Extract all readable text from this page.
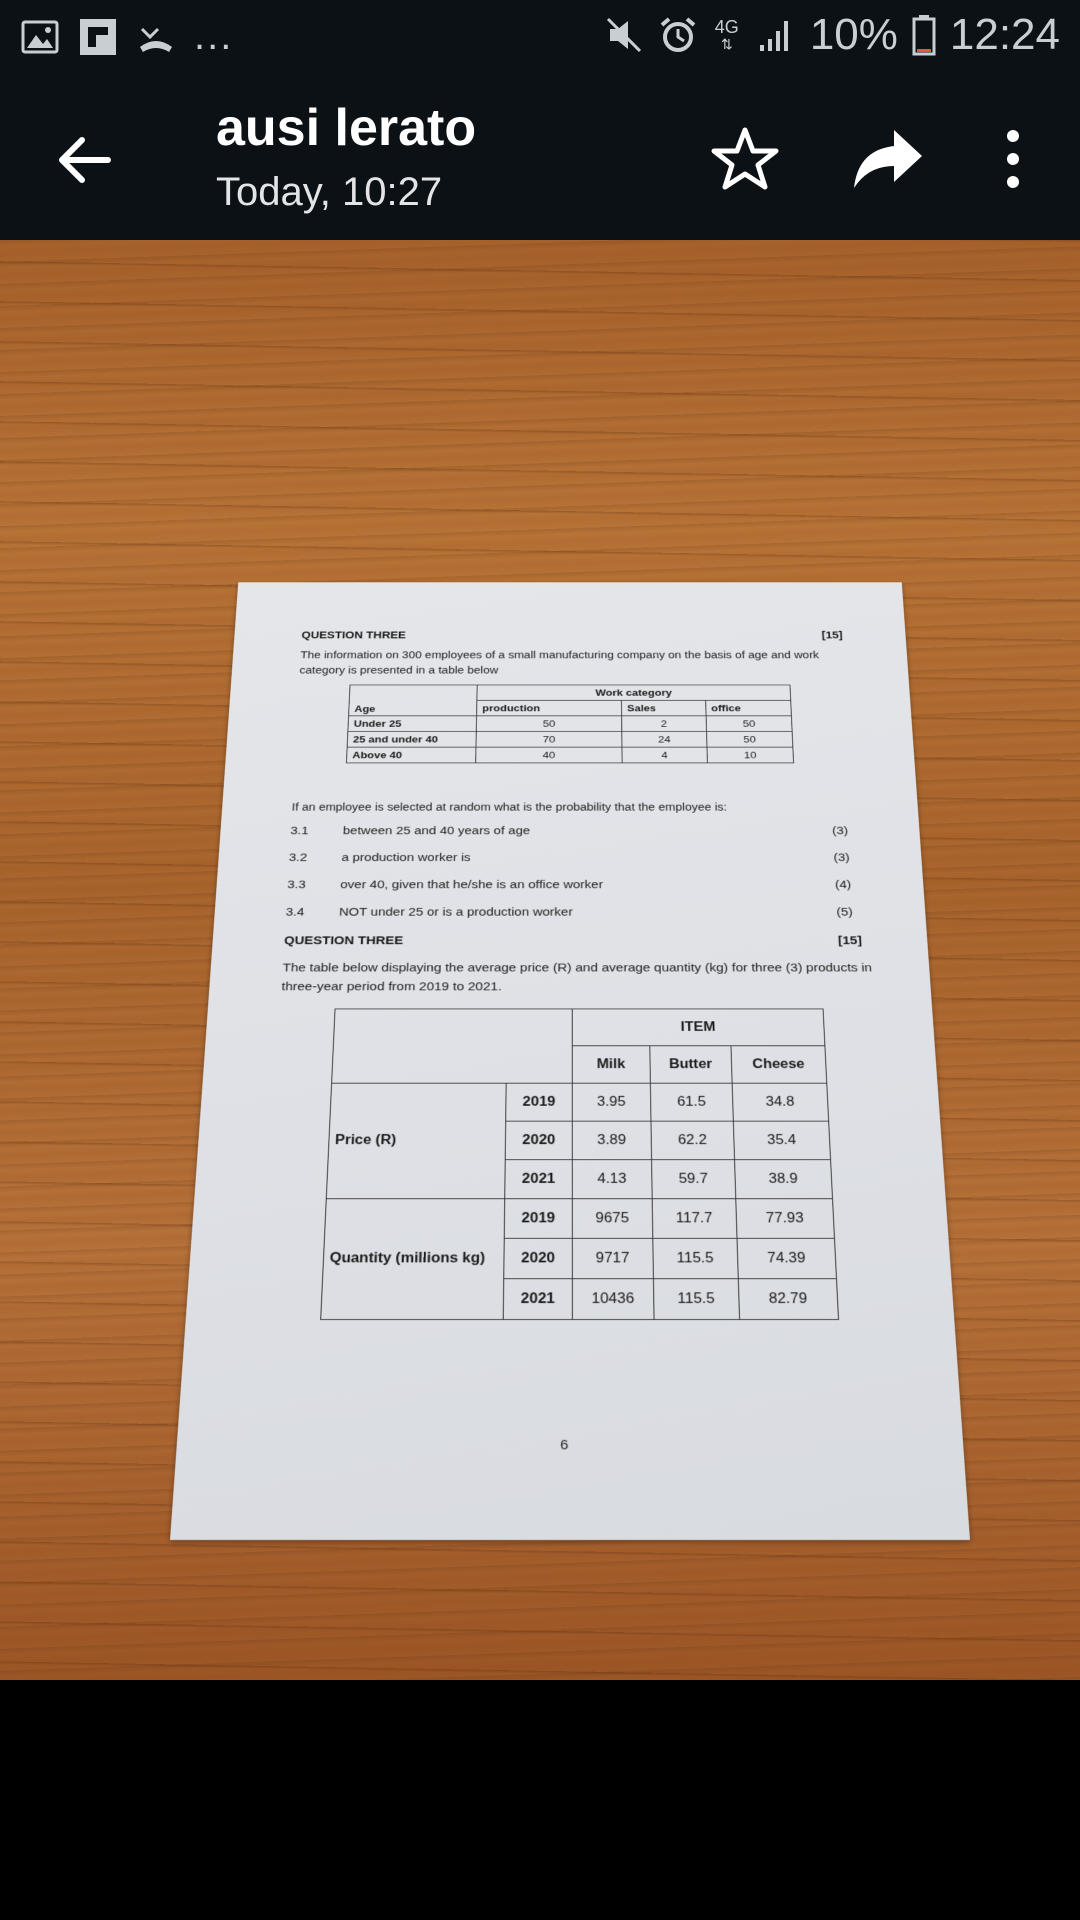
...	4G
⇅ 10% 12:24
ausi lerato
Today, 10:27
QUESTION THREE	[15]
The information on 300 employees of a small manufacturing company on the basis of age and work category is presented in a table below
Age	Work category		
	production	Sales	office
Under 25	50	2	50
25 and under 40	70	24	50
Above 40	40	4	10
If an employee is selected at random what is the probability that the employee is:
3.1 between 25 and 40 years of age	(3)
3.2 a production worker is	(3)
3.3 over 40, given that he/she is an office worker	(4)
3.4 NOT under 25 or is a production worker	(5)
QUESTION THREE	[15]
The table below displaying the average price (R) and average quantity (kg) for three (3) products in three-year period from 2019 to 2021.
		ITEM		
		Milk	Butter	Cheese
Price (R)	2019	3.95	61.5	34.8
	2020	3.89	62.2	35.4
	2021	4.13	59.7	38.9
Quantity (millions kg)	2019	9675	117.7	77.93
	2020	9717	115.5	74.39
	2021	10436	115.5	82.79
6
